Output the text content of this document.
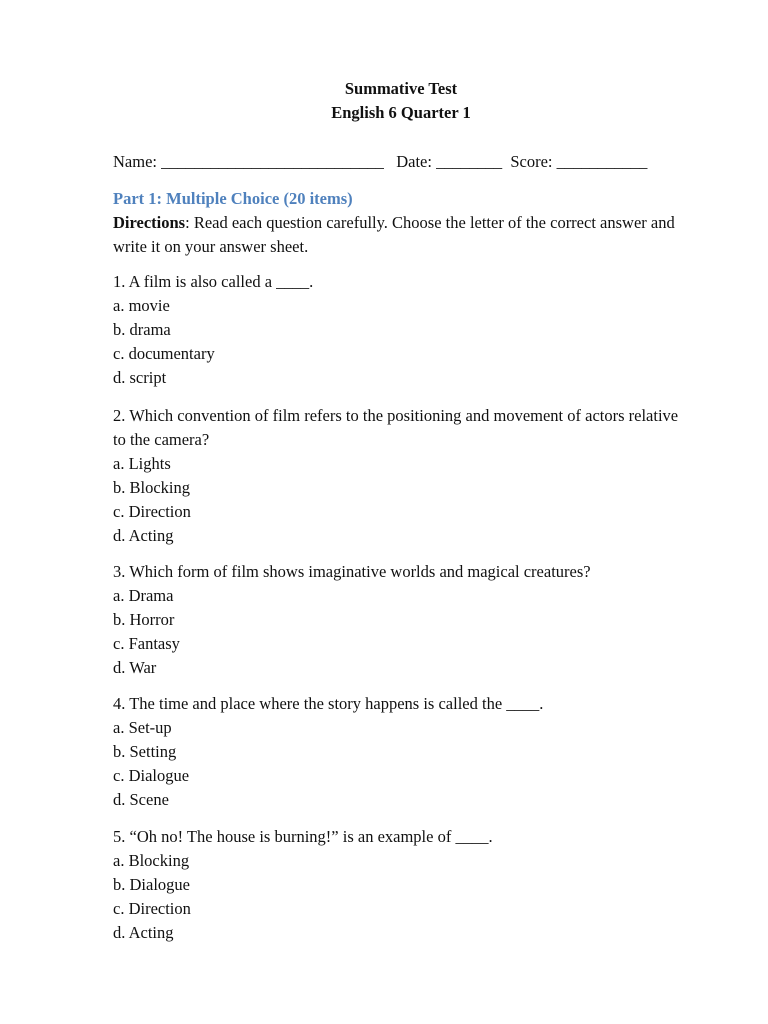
Summative Test
English 6 Quarter 1
Name: ___________________________ Date: ________ Score: ___________
Part 1: Multiple Choice (20 items)
Directions: Read each question carefully. Choose the letter of the correct answer and write it on your answer sheet.
1. A film is also called a ____.
a. movie
b. drama
c. documentary
d. script
2. Which convention of film refers to the positioning and movement of actors relative to the camera?
a. Lights
b. Blocking
c. Direction
d. Acting
3. Which form of film shows imaginative worlds and magical creatures?
a. Drama
b. Horror
c. Fantasy
d. War
4. The time and place where the story happens is called the ____.
a. Set-up
b. Setting
c. Dialogue
d. Scene
5. “Oh no! The house is burning!” is an example of ____.
a. Blocking
b. Dialogue
c. Direction
d. Acting
